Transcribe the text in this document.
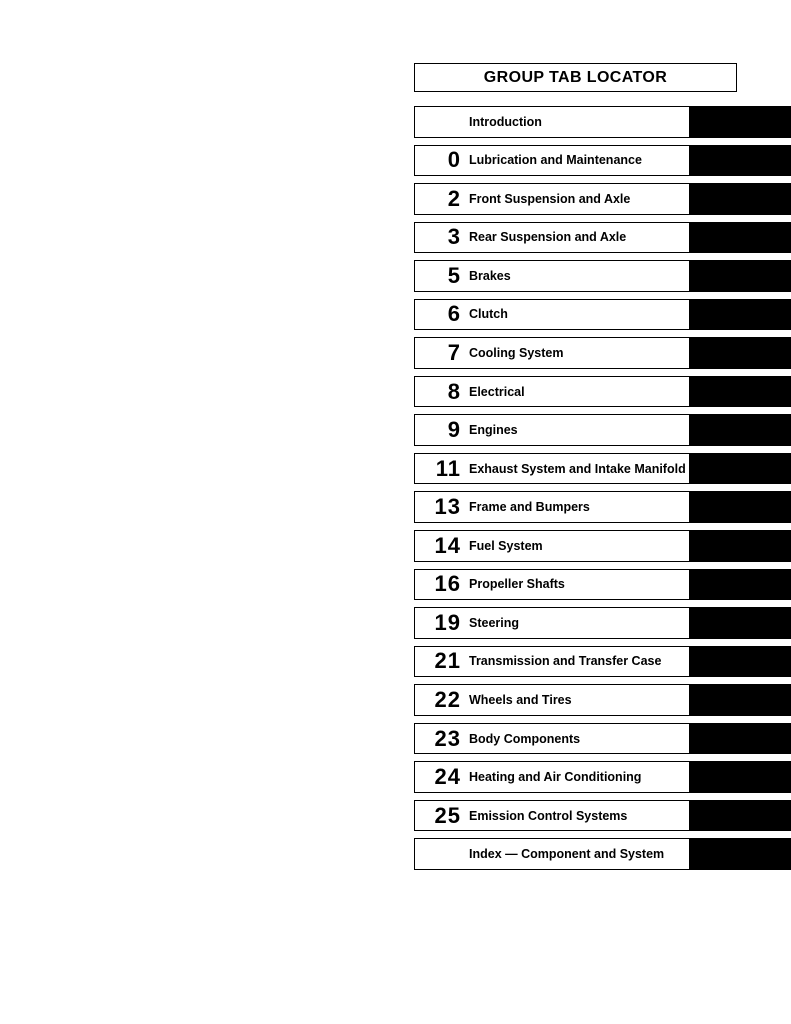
GROUP TAB LOCATOR
Introduction
0 Lubrication and Maintenance
2 Front Suspension and Axle
3 Rear Suspension and Axle
5 Brakes
6 Clutch
7 Cooling System
8 Electrical
9 Engines
11 Exhaust System and Intake Manifold
13 Frame and Bumpers
14 Fuel System
16 Propeller Shafts
19 Steering
21 Transmission and Transfer Case
22 Wheels and Tires
23 Body Components
24 Heating and Air Conditioning
25 Emission Control Systems
Index — Component and System
